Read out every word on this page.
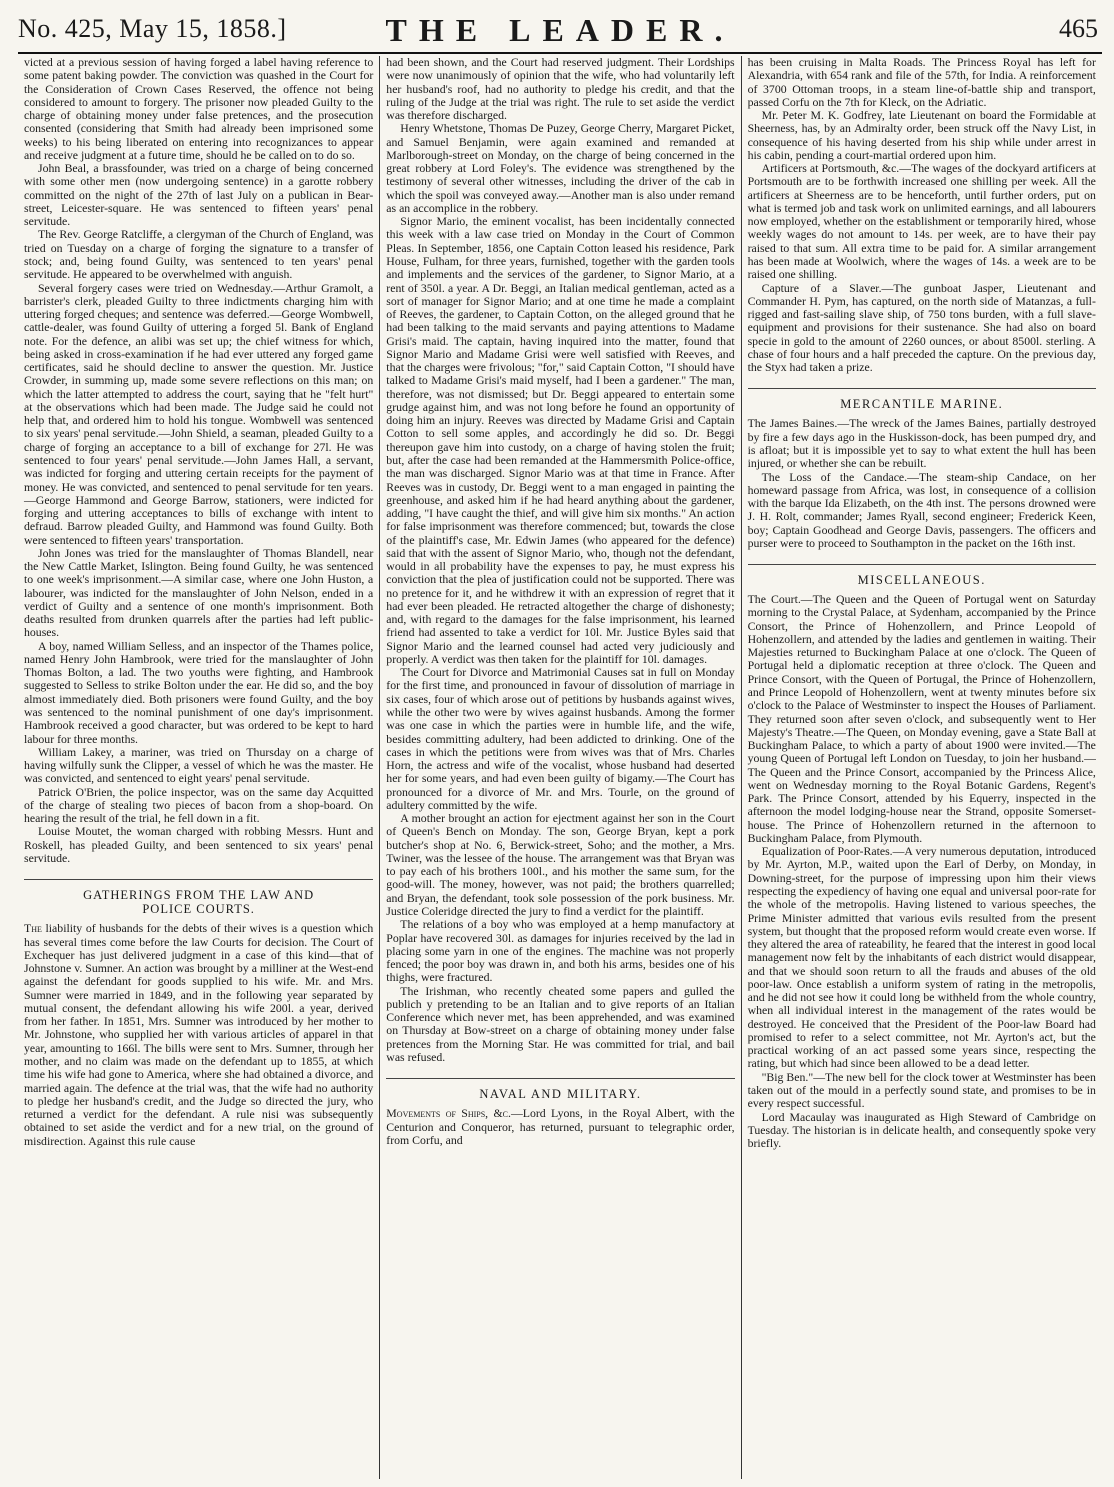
No. 425, May 15, 1858.]	THE LEADER.	465

victed at a previous session of having forged a label having reference to some patent baking powder. The conviction was quashed in the Court for the Consideration of Crown Cases Reserved, the offence not being considered to amount to forgery. The prisoner now pleaded Guilty to the charge of obtaining money under false pretences, and the prosecution consented (considering that Smith had already been imprisoned some weeks) to his being liberated on entering into recognizances to appear and receive judgment at a future time, should he be called on to do so.

John Beal, a brassfounder, was tried on a charge of being concerned with some other men (now undergoing sentence) in a garotte robbery committed on the night of the 27th of last July on a publican in Bear-street, Leicester-square. He was sentenced to fifteen years' penal servitude.

The Rev. George Ratcliffe, a clergyman of the Church of England, was tried on Tuesday on a charge of forging the signature to a transfer of stock; and, being found Guilty, was sentenced to ten years' penal servitude. He appeared to be overwhelmed with anguish.

Several forgery cases were tried on Wednesday.—Arthur Gramolt, a barrister's clerk, pleaded Guilty to three indictments charging him with uttering forged cheques; and sentence was deferred.—George Wombwell, cattle-dealer, was found Guilty of uttering a forged 5l. Bank of England note. For the defence, an alibi was set up; the chief witness for which, being asked in cross-examination if he had ever uttered any forged game certificates, said he should decline to answer the question. Mr. Justice Crowder, in summing up, made some severe reflections on this man; on which the latter attempted to address the court, saying that he "felt hurt" at the observations which had been made. The Judge said he could not help that, and ordered him to hold his tongue. Wombwell was sentenced to six years' penal servitude.—John Shield, a seaman, pleaded Guilty to a charge of forging an acceptance to a bill of exchange for 27l. He was sentenced to four years' penal servitude.—John James Hall, a servant, was indicted for forging and uttering certain receipts for the payment of money. He was convicted, and sentenced to penal servitude for ten years.—George Hammond and George Barrow, stationers, were indicted for forging and uttering acceptances to bills of exchange with intent to defraud. Barrow pleaded Guilty, and Hammond was found Guilty. Both were sentenced to fifteen years' transportation.

John Jones was tried for the manslaughter of Thomas Blandell, near the New Cattle Market, Islington. Being found Guilty, he was sentenced to one week's imprisonment.—A similar case, where one John Huston, a labourer, was indicted for the manslaughter of John Nelson, ended in a verdict of Guilty and a sentence of one month's imprisonment. Both deaths resulted from drunken quarrels after the parties had left public-houses.

A boy, named William Selless, and an inspector of the Thames police, named Henry John Hambrook, were tried for the manslaughter of John Thomas Bolton, a lad. The two youths were fighting, and Hambrook suggested to Selless to strike Bolton under the ear. He did so, and the boy almost immediately died. Both prisoners were found Guilty, and the boy was sentenced to the nominal punishment of one day's imprisonment. Hambrook received a good character, but was ordered to be kept to hard labour for three months.

William Lakey, a mariner, was tried on Thursday on a charge of having wilfully sunk the Clipper, a vessel of which he was the master. He was convicted, and sentenced to eight years' penal servitude.

Patrick O'Brien, the police inspector, was on the same day Acquitted of the charge of stealing two pieces of bacon from a shop-board. On hearing the result of the trial, he fell down in a fit.

Louise Moutet, the woman charged with robbing Messrs. Hunt and Roskell, has pleaded Guilty, and been sentenced to six years' penal servitude.

GATHERINGS FROM THE LAW AND
POLICE COURTS.

The liability of husbands for the debts of their wives is a question which has several times come before the law Courts for decision. The Court of Exchequer has just delivered judgment in a case of this kind—that of Johnstone v. Sumner. An action was brought by a milliner at the West-end against the defendant for goods supplied to his wife. Mr. and Mrs. Sumner were married in 1849, and in the following year separated by mutual consent, the defendant allowing his wife 200l. a year, derived from her father. In 1851, Mrs. Sumner was introduced by her mother to Mr. Johnstone, who supplied her with various articles of apparel in that year, amounting to 166l. The bills were sent to Mrs. Sumner, through her mother, and no claim was made on the defendant up to 1855, at which time his wife had gone to America, where she had obtained a divorce, and married again. The defence at the trial was, that the wife had no authority to pledge her husband's credit, and the Judge so directed the jury, who returned a verdict for the defendant. A rule nisi was subsequently obtained to set aside the verdict and for a new trial, on the ground of misdirection. Against this rule cause

had been shown, and the Court had reserved judgment. Their Lordships were now unanimously of opinion that the wife, who had voluntarily left her husband's roof, had no authority to pledge his credit, and that the ruling of the Judge at the trial was right. The rule to set aside the verdict was therefore discharged.

Henry Whetstone, Thomas De Puzey, George Cherry, Margaret Picket, and Samuel Benjamin, were again examined and remanded at Marlborough-street on Monday, on the charge of being concerned in the great robbery at Lord Foley's. The evidence was strengthened by the testimony of several other witnesses, including the driver of the cab in which the spoil was conveyed away.—Another man is also under remand as an accomplice in the robbery.

Signor Mario, the eminent vocalist, has been incidentally connected this week with a law case tried on Monday in the Court of Common Pleas. In September, 1856, one Captain Cotton leased his residence, Park House, Fulham, for three years, furnished, together with the garden tools and implements and the services of the gardener, to Signor Mario, at a rent of 350l. a year. A Dr. Beggi, an Italian medical gentleman, acted as a sort of manager for Signor Mario; and at one time he made a complaint of Reeves, the gardener, to Captain Cotton, on the alleged ground that he had been talking to the maid servants and paying attentions to Madame Grisi's maid. The captain, having inquired into the matter, found that Signor Mario and Madame Grisi were well satisfied with Reeves, and that the charges were frivolous; "for," said Captain Cotton, "I should have talked to Madame Grisi's maid myself, had I been a gardener." The man, therefore, was not dismissed; but Dr. Beggi appeared to entertain some grudge against him, and was not long before he found an opportunity of doing him an injury. Reeves was directed by Madame Grisi and Captain Cotton to sell some apples, and accordingly he did so. Dr. Beggi thereupon gave him into custody, on a charge of having stolen the fruit; but, after the case had been remanded at the Hammersmith Police-office, the man was discharged. Signor Mario was at that time in France. After Reeves was in custody, Dr. Beggi went to a man engaged in painting the greenhouse, and asked him if he had heard anything about the gardener, adding, "I have caught the thief, and will give him six months." An action for false imprisonment was therefore commenced; but, towards the close of the plaintiff's case, Mr. Edwin James (who appeared for the defence) said that with the assent of Signor Mario, who, though not the defendant, would in all probability have the expenses to pay, he must express his conviction that the plea of justification could not be supported. There was no pretence for it, and he withdrew it with an expression of regret that it had ever been pleaded. He retracted altogether the charge of dishonesty; and, with regard to the damages for the false imprisonment, his learned friend had assented to take a verdict for 10l. Mr. Justice Byles said that Signor Mario and the learned counsel had acted very judiciously and properly. A verdict was then taken for the plaintiff for 10l. damages.

The Court for Divorce and Matrimonial Causes sat in full on Monday for the first time, and pronounced in favour of dissolution of marriage in six cases, four of which arose out of petitions by husbands against wives, while the other two were by wives against husbands. Among the former was one case in which the parties were in humble life, and the wife, besides committing adultery, had been addicted to drinking. One of the cases in which the petitions were from wives was that of Mrs. Charles Horn, the actress and wife of the vocalist, whose husband had deserted her for some years, and had even been guilty of bigamy.—The Court has pronounced for a divorce of Mr. and Mrs. Tourle, on the ground of adultery committed by the wife.

A mother brought an action for ejectment against her son in the Court of Queen's Bench on Monday. The son, George Bryan, kept a pork butcher's shop at No. 6, Berwick-street, Soho; and the mother, a Mrs. Twiner, was the lessee of the house. The arrangement was that Bryan was to pay each of his brothers 100l., and his mother the same sum, for the good-will. The money, however, was not paid; the brothers quarrelled; and Bryan, the defendant, took sole possession of the pork business. Mr. Justice Coleridge directed the jury to find a verdict for the plaintiff.

The relations of a boy who was employed at a hemp manufactory at Poplar have recovered 30l. as damages for injuries received by the lad in placing some yarn in one of the engines. The machine was not properly fenced; the poor boy was drawn in, and both his arms, besides one of his thighs, were fractured.

The Irishman, who recently cheated some papers and gulled the publich y pretending to be an Italian and to give reports of an Italian Conference which never met, has been apprehended, and was examined on Thursday at Bow-street on a charge of obtaining money under false pretences from the Morning Star. He was committed for trial, and bail was refused.

NAVAL AND MILITARY.

Movements of Ships, &c.—Lord Lyons, in the Royal Albert, with the Centurion and Conqueror, has returned, pursuant to telegraphic order, from Corfu, and

has been cruising in Malta Roads. The Princess Royal has left for Alexandria, with 654 rank and file of the 57th, for India. A reinforcement of 3700 Ottoman troops, in a steam line-of-battle ship and transport, passed Corfu on the 7th for Kleck, on the Adriatic.

Mr. Peter M. K. Godfrey, late Lieutenant on board the Formidable at Sheerness, has, by an Admiralty order, been struck off the Navy List, in consequence of his having deserted from his ship while under arrest in his cabin, pending a court-martial ordered upon him.

Artificers at Portsmouth, &c.—The wages of the dockyard artificers at Portsmouth are to be forthwith increased one shilling per week. All the artificers at Sheerness are to be henceforth, until further orders, put on what is termed job and task work on unlimited earnings, and all labourers now employed, whether on the establishment or temporarily hired, whose weekly wages do not amount to 14s. per week, are to have their pay raised to that sum. All extra time to be paid for. A similar arrangement has been made at Woolwich, where the wages of 14s. a week are to be raised one shilling.

Capture of a Slaver.—The gunboat Jasper, Lieutenant and Commander H. Pym, has captured, on the north side of Matanzas, a full-rigged and fast-sailing slave ship, of 750 tons burden, with a full slave-equipment and provisions for their sustenance. She had also on board specie in gold to the amount of 2260 ounces, or about 8500l. sterling. A chase of four hours and a half preceded the capture. On the previous day, the Styx had taken a prize.

MERCANTILE MARINE.

The James Baines.—The wreck of the James Baines, partially destroyed by fire a few days ago in the Huskisson-dock, has been pumped dry, and is afloat; but it is impossible yet to say to what extent the hull has been injured, or whether she can be rebuilt.

The Loss of the Candace.—The steam-ship Candace, on her homeward passage from Africa, was lost, in consequence of a collision with the barque Ida Elizabeth, on the 4th inst. The persons drowned were J. H. Rolt, commander; James Ryall, second engineer; Frederick Keen, boy; Captain Goodhead and George Davis, passengers. The officers and purser were to proceed to Southampton in the packet on the 16th inst.

MISCELLANEOUS.

The Court.—The Queen and the Queen of Portugal went on Saturday morning to the Crystal Palace, at Sydenham, accompanied by the Prince Consort, the Prince of Hohenzollern, and Prince Leopold of Hohenzollern, and attended by the ladies and gentlemen in waiting. Their Majesties returned to Buckingham Palace at one o'clock. The Queen of Portugal held a diplomatic reception at three o'clock. The Queen and Prince Consort, with the Queen of Portugal, the Prince of Hohenzollern, and Prince Leopold of Hohenzollern, went at twenty minutes before six o'clock to the Palace of Westminster to inspect the Houses of Parliament. They returned soon after seven o'clock, and subsequently went to Her Majesty's Theatre.—The Queen, on Monday evening, gave a State Ball at Buckingham Palace, to which a party of about 1900 were invited.—The young Queen of Portugal left London on Tuesday, to join her husband.—The Queen and the Prince Consort, accompanied by the Princess Alice, went on Wednesday morning to the Royal Botanic Gardens, Regent's Park. The Prince Consort, attended by his Equerry, inspected in the afternoon the model lodging-house near the Strand, opposite Somerset-house. The Prince of Hohenzollern returned in the afternoon to Buckingham Palace, from Plymouth.

Equalization of Poor-Rates.—A very numerous deputation, introduced by Mr. Ayrton, M.P., waited upon the Earl of Derby, on Monday, in Downing-street, for the purpose of impressing upon him their views respecting the expediency of having one equal and universal poor-rate for the whole of the metropolis. Having listened to various speeches, the Prime Minister admitted that various evils resulted from the present system, but thought that the proposed reform would create even worse. If they altered the area of rateability, he feared that the interest in good local management now felt by the inhabitants of each district would disappear, and that we should soon return to all the frauds and abuses of the old poor-law. Once establish a uniform system of rating in the metropolis, and he did not see how it could long be withheld from the whole country, when all individual interest in the management of the rates would be destroyed. He conceived that the President of the Poor-law Board had promised to refer to a select committee, not Mr. Ayrton's act, but the practical working of an act passed some years since, respecting the rating, but which had since been allowed to be a dead letter.

"Big Ben."—The new bell for the clock tower at Westminster has been taken out of the mould in a perfectly sound state, and promises to be in every respect successful.

Lord Macaulay was inaugurated as High Steward of Cambridge on Tuesday. The historian is in delicate health, and consequently spoke very briefly.
